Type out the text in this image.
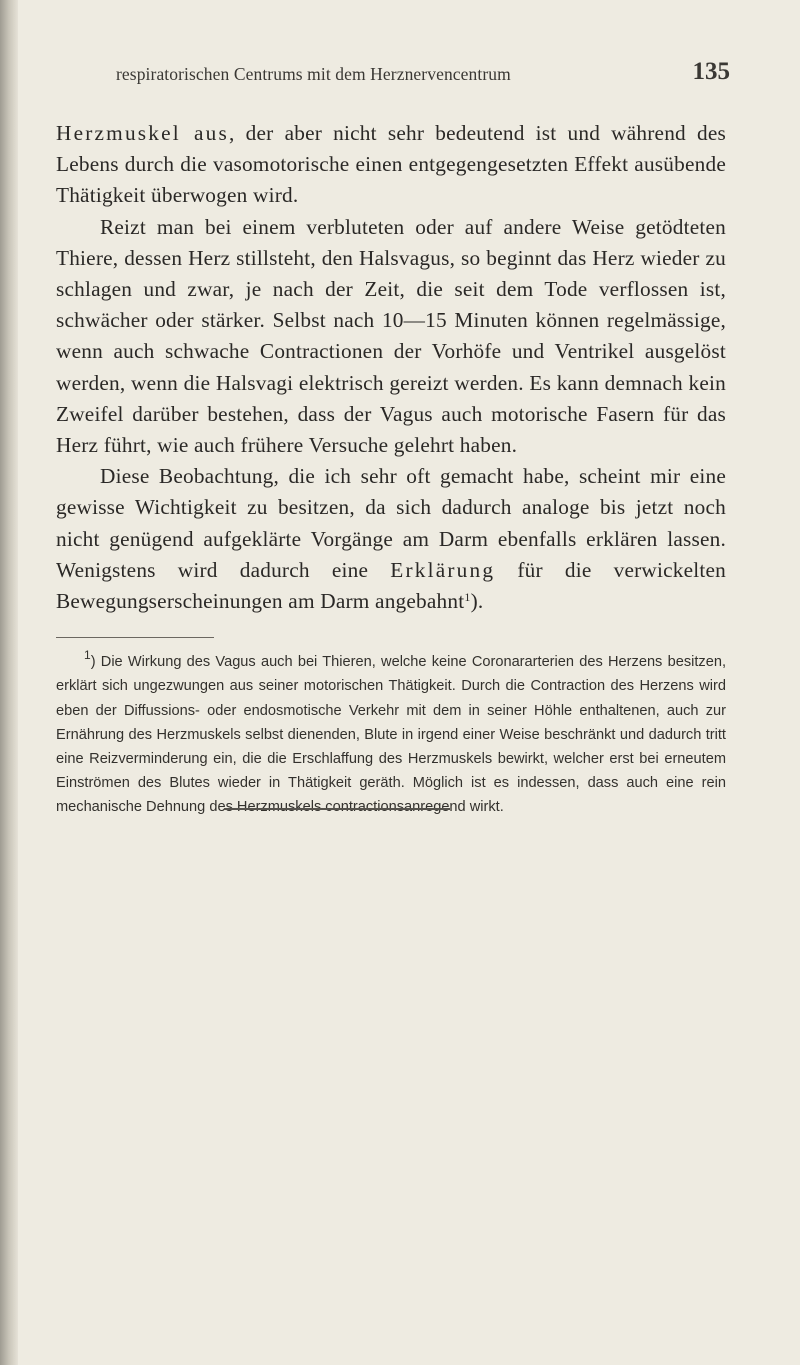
respiratorischen Centrums mit dem Herznervencentrum	135

Herzmuskel aus, der aber nicht sehr bedeutend ist und während des Lebens durch die vasomotorische einen entgegengesetzten Effekt ausübende Thätigkeit überwogen wird.

Reizt man bei einem verbluteten oder auf andere Weise getödteten Thiere, dessen Herz stillsteht, den Halsvagus, so beginnt das Herz wieder zu schlagen und zwar, je nach der Zeit, die seit dem Tode verflossen ist, schwächer oder stärker. Selbst nach 10—15 Minuten können regelmässige, wenn auch schwache Contractionen der Vorhöfe und Ventrikel ausgelöst werden, wenn die Halsvagi elektrisch gereizt werden. Es kann demnach kein Zweifel darüber bestehen, dass der Vagus auch motorische Fasern für das Herz führt, wie auch frühere Versuche gelehrt haben.

Diese Beobachtung, die ich sehr oft gemacht habe, scheint mir eine gewisse Wichtigkeit zu besitzen, da sich dadurch analoge bis jetzt noch nicht genügend aufgeklärte Vorgänge am Darm ebenfalls erklären lassen. Wenigstens wird dadurch eine Erklärung für die verwickelten Bewegungserscheinungen am Darm angebahnt$^1$).

$^1$) Die Wirkung des Vagus auch bei Thieren, welche keine Coronararterien des Herzens besitzen, erklärt sich ungezwungen aus seiner motorischen Thätigkeit. Durch die Contraction des Herzens wird eben der Diffussions- oder endosmotische Verkehr mit dem in seiner Höhle enthaltenen, auch zur Ernährung des Herzmuskels selbst dienenden, Blute in irgend einer Weise beschränkt und dadurch tritt eine Reizverminderung ein, die die Erschlaffung des Herzmuskels bewirkt, welcher erst bei erneutem Einströmen des Blutes wieder in Thätigkeit geräth. Möglich ist es indessen, dass auch eine rein mechanische Dehnung des Herzmuskels contractionsanregend wirkt.
